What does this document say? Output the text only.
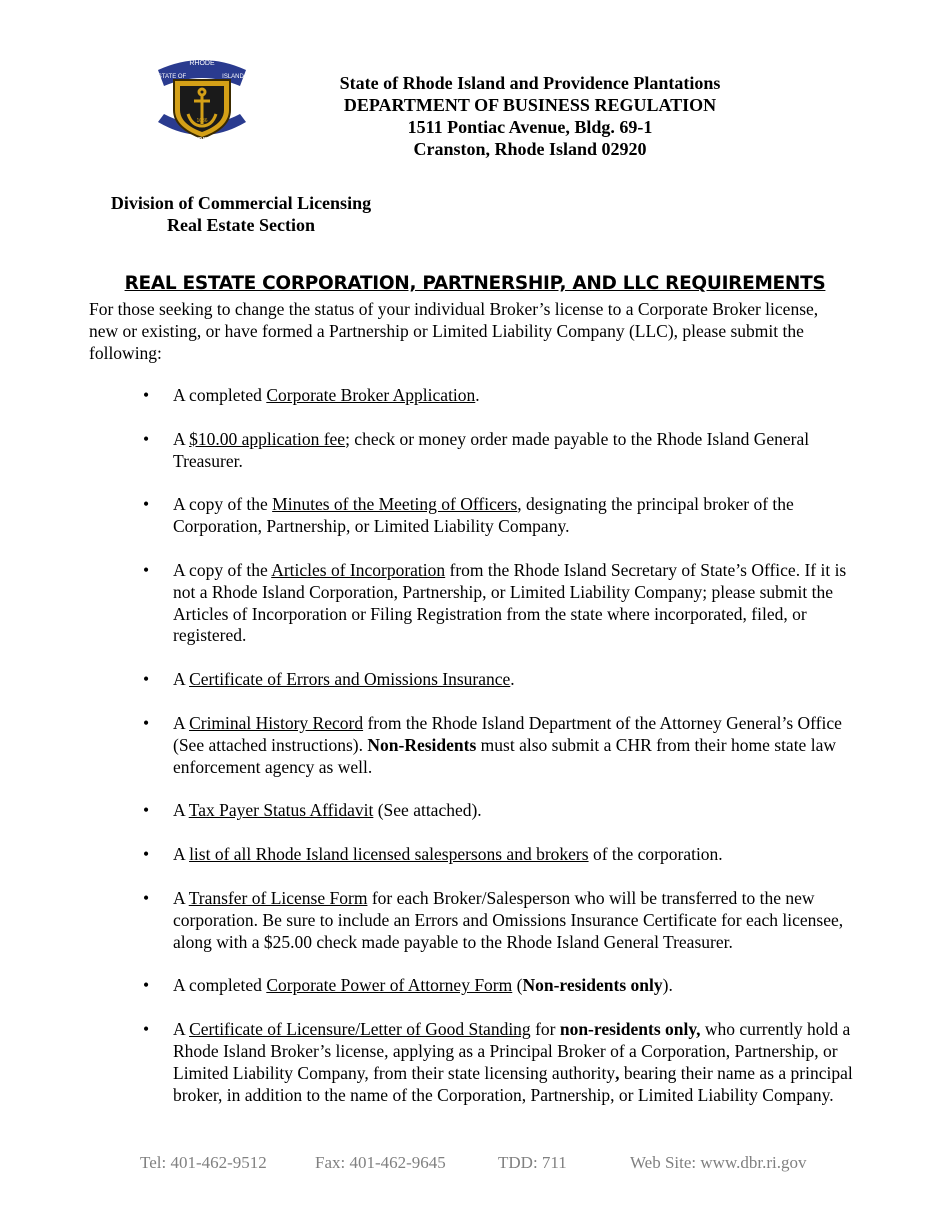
RHODE
STATE OF	ISLAND
1636
HOPE
State of Rhode Island and Providence Plantations
DEPARTMENT OF BUSINESS REGULATION
1511 Pontiac Avenue, Bldg. 69-1
Cranston, Rhode Island 02920
Division of Commercial Licensing
Real Estate Section
REAL ESTATE CORPORATION, PARTNERSHIP, AND LLC REQUIREMENTS
For those seeking to change the status of your individual Broker’s license to a Corporate Broker license, new or existing, or have formed a Partnership or Limited Liability Company (LLC), please submit the following:
• A completed Corporate Broker Application.
• A $10.00 application fee; check or money order made payable to the Rhode Island General Treasurer.
• A copy of the Minutes of the Meeting of Officers, designating the principal broker of the Corporation, Partnership, or Limited Liability Company.
• A copy of the Articles of Incorporation from the Rhode Island Secretary of State’s Office. If it is not a Rhode Island Corporation, Partnership, or Limited Liability Company; please submit the Articles of Incorporation or Filing Registration from the state where incorporated, filed, or registered.
• A Certificate of Errors and Omissions Insurance.
• A Criminal History Record from the Rhode Island Department of the Attorney General’s Office (See attached instructions). Non-Residents must also submit a CHR from their home state law enforcement agency as well.
• A Tax Payer Status Affidavit (See attached).
• A list of all Rhode Island licensed salespersons and brokers of the corporation.
• A Transfer of License Form for each Broker/Salesperson who will be transferred to the new corporation. Be sure to include an Errors and Omissions Insurance Certificate for each licensee, along with a $25.00 check made payable to the Rhode Island General Treasurer.
• A completed Corporate Power of Attorney Form (Non-residents only).
• A Certificate of Licensure/Letter of Good Standing for non-residents only, who currently hold a Rhode Island Broker’s license, applying as a Principal Broker of a Corporation, Partnership, or Limited Liability Company, from their state licensing authority, bearing their name as a principal broker, in addition to the name of the Corporation, Partnership, or Limited Liability Company.
Tel: 401-462-9512	Fax: 401-462-9645	TDD: 711	Web Site: www.dbr.ri.gov
